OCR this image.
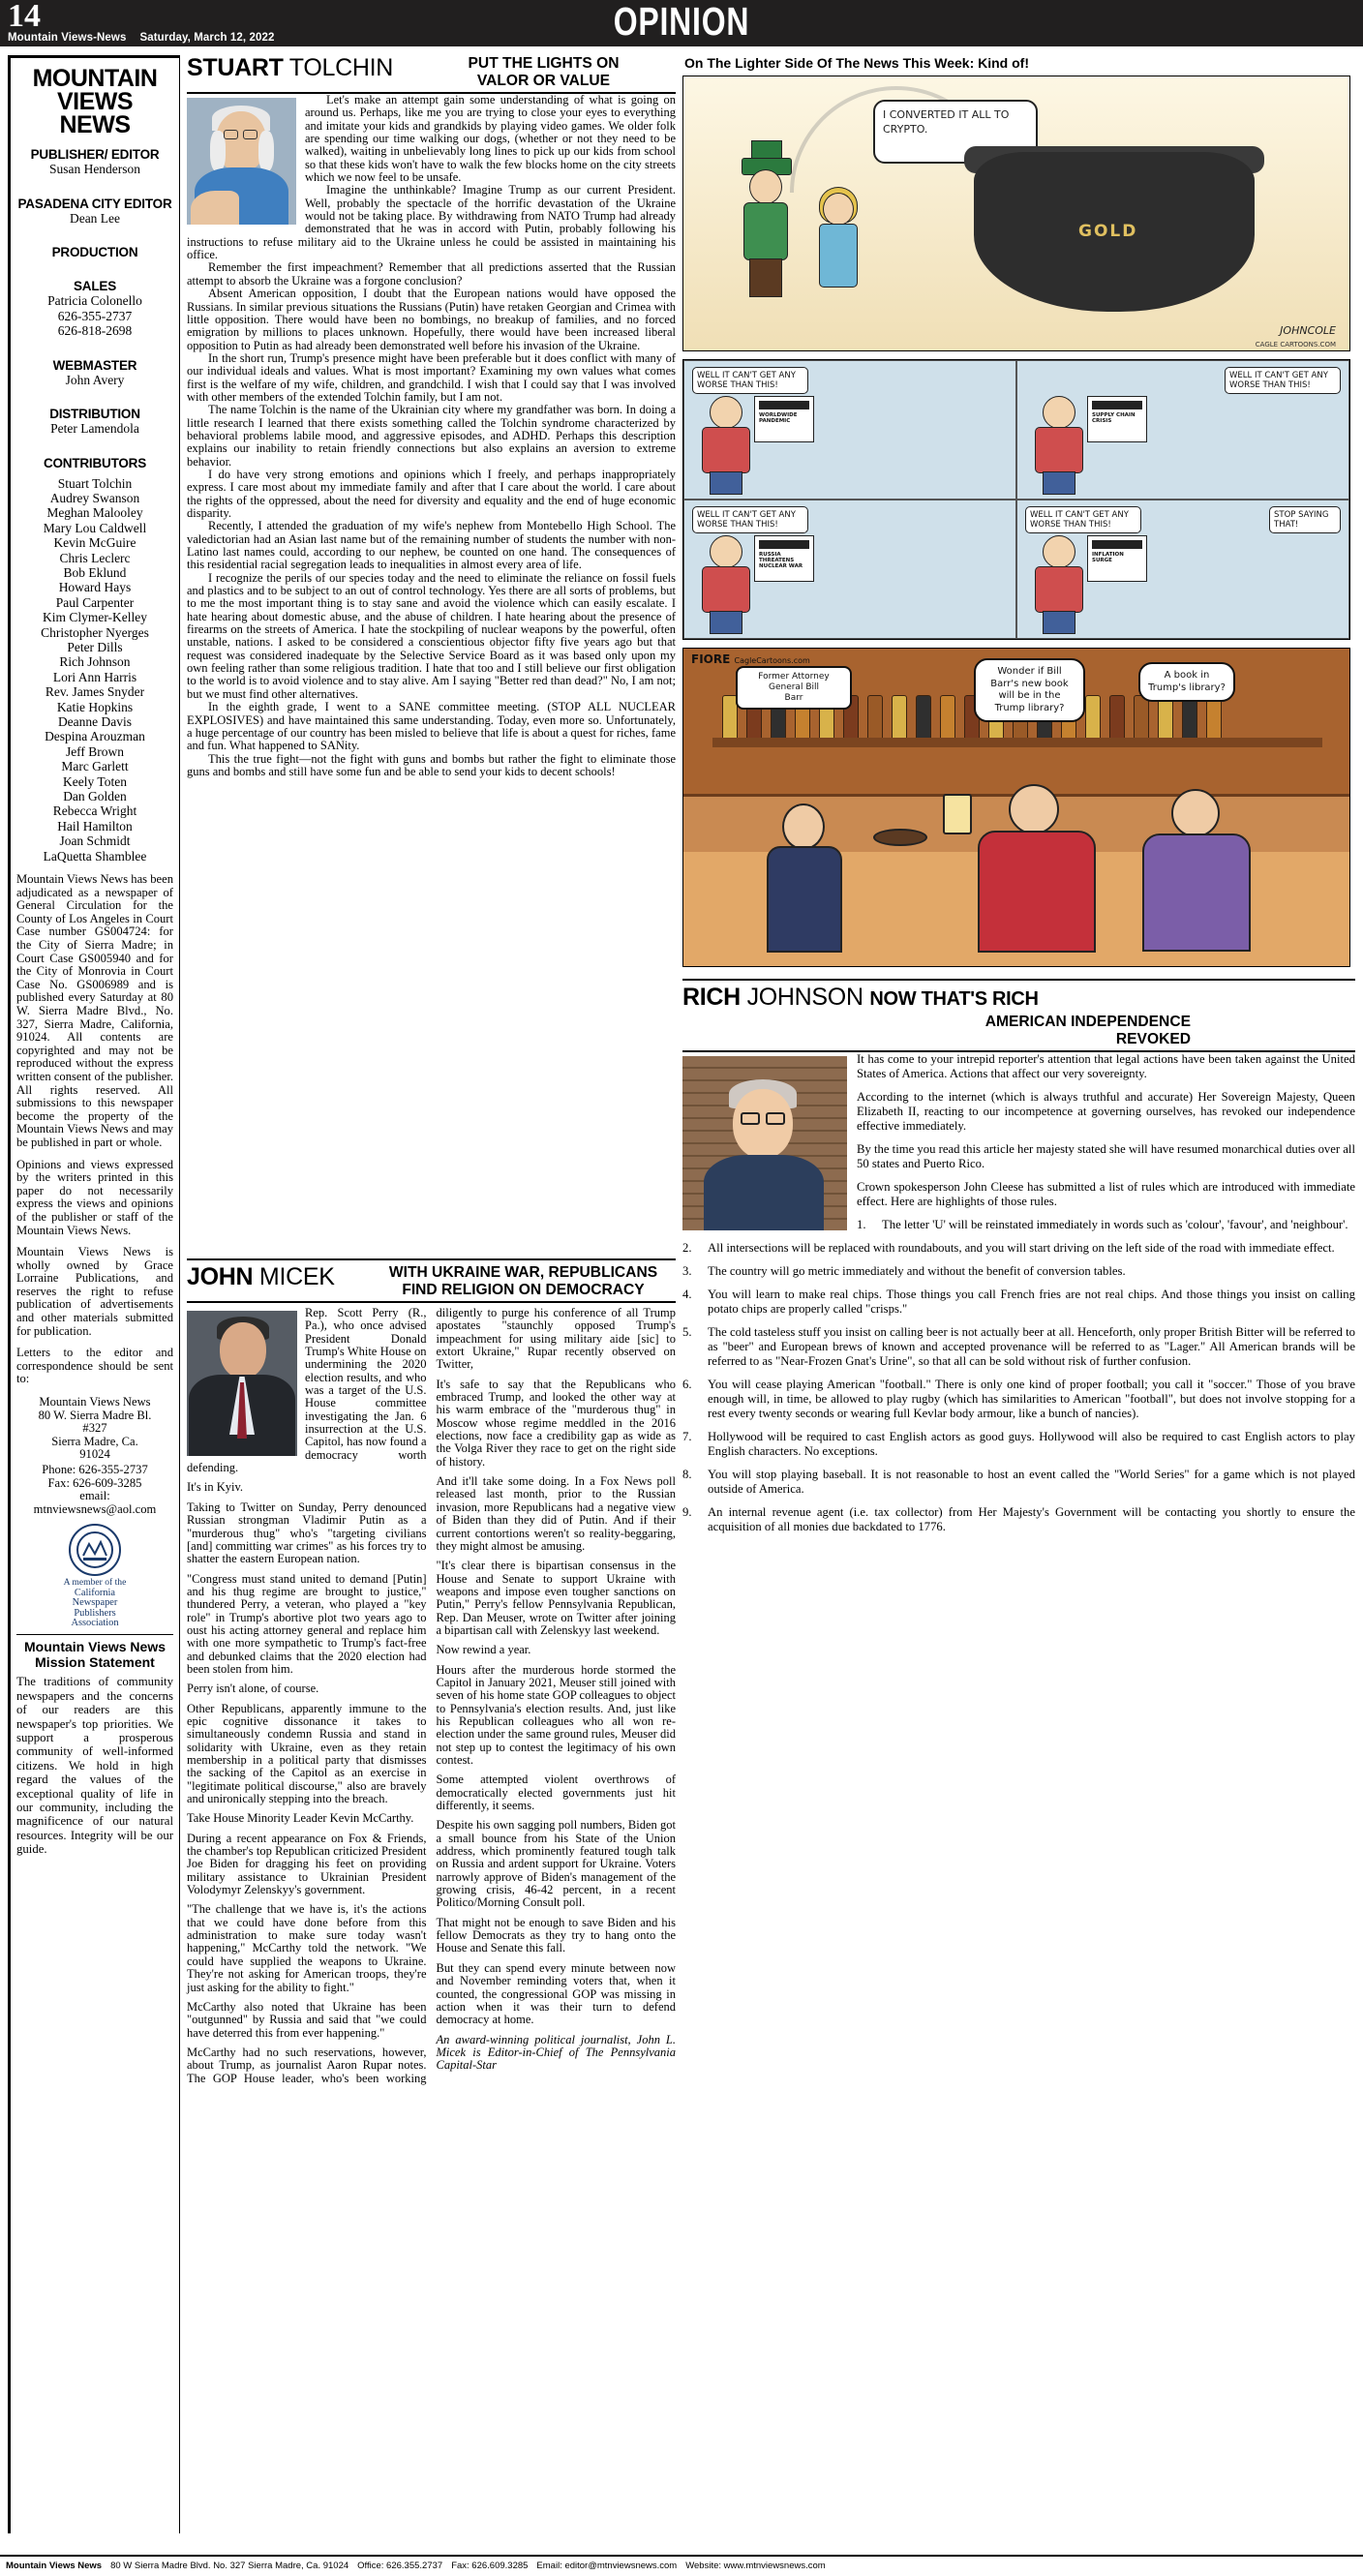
14
Mountain Views-News Saturday, March 12, 2022	OPINION
MOUNTAIN
VIEWS
NEWS
PUBLISHER/ EDITOR
Susan Henderson
PASADENA CITY EDITOR
Dean Lee
PRODUCTION
SALES
Patricia Colonello
626-355-2737
626-818-2698
WEBMASTER
John Avery
DISTRIBUTION
Peter Lamendola
CONTRIBUTORS
Stuart Tolchin
Audrey Swanson
Meghan Malooley
Mary Lou Caldwell
Kevin McGuire
Chris Leclerc
Bob Eklund
Howard Hays
Paul Carpenter
Kim Clymer-Kelley
Christopher Nyerges
Peter Dills
Rich Johnson
Lori Ann Harris
Rev. James Snyder
Katie Hopkins
Deanne Davis
Despina Arouzman
Jeff Brown
Marc Garlett
Keely Toten
Dan Golden
Rebecca Wright
Hail Hamilton
Joan Schmidt
LaQuetta Shamblee

Mountain Views News has been adjudicated as a newspaper of General Circulation for the County of Los Angeles in Court Case number GS004724: for the City of Sierra Madre; in Court Case GS005940 and for the City of Monrovia in Court Case No. GS006989 and is published every Saturday at 80 W. Sierra Madre Blvd., No. 327, Sierra Madre, California, 91024. All contents are copyrighted and may not be reproduced without the express written consent of the publisher. All rights reserved. All submissions to this newspaper become the property of the Mountain Views News and may be published in part or whole.

Opinions and views expressed by the writers printed in this paper do not necessarily express the views and opinions of the publisher or staff of the Mountain Views News.

Mountain Views News is wholly owned by Grace Lorraine Publications, and reserves the right to refuse publication of advertisements and other materials submitted for publication.

Letters to the editor and correspondence should be sent to:

Mountain Views News
80 W. Sierra Madre Bl.
#327
Sierra Madre, Ca.
91024
Phone: 626-355-2737
Fax: 626-609-3285
email:
mtnviewsnews@aol.com
A member of the
California
Newspaper
Publishers
Association
Mountain Views News
Mission Statement
The traditions of community newspapers and the concerns of our readers are this newspaper's top priorities. We support a prosperous community of well-informed citizens. We hold in high regard the values of the exceptional quality of life in our community, including the magnificence of our natural resources. Integrity will be our guide.
STUART TOLCHIN	PUT THE LIGHTS ON
VALOR OR VALUE

Let's make an attempt gain some understanding of what is going on around us. Perhaps, like me you are trying to close your eyes to everything and imitate your kids and grandkids by playing video games. We older folk are spending our time walking our dogs, (whether or not they need to be walked), waiting in unbelievably long lines to pick up our kids from school so that these kids won't have to walk the few blocks home on the city streets which we now feel to be unsafe.

Imagine the unthinkable? Imagine Trump as our current President. Well, probably the spectacle of the horrific devastation of the Ukraine would not be taking place. By withdrawing from NATO Trump had already demonstrated that he was in accord with Putin, probably following his instructions to refuse military aid to the Ukraine unless he could be assisted in maintaining his office.

Remember the first impeachment? Remember that all predictions asserted that the Russian attempt to absorb the Ukraine was a forgone conclusion?

Absent American opposition, I doubt that the European nations would have opposed the Russians. In similar previous situations the Russians (Putin) have retaken Georgian and Crimea with little opposition. There would have been no bombings, no breakup of families, and no forced emigration by millions to places unknown. Hopefully, there would have been increased liberal opposition to Putin as had already been demonstrated well before his invasion of the Ukraine.

In the short run, Trump's presence might have been preferable but it does conflict with many of our individual ideals and values. What is most important? Examining my own values what comes first is the welfare of my wife, children, and grandchild. I wish that I could say that I was involved with other members of the extended Tolchin family, but I am not.

The name Tolchin is the name of the Ukrainian city where my grandfather was born. In doing a little research I learned that there exists something called the Tolchin syndrome characterized by behavioral problems labile mood, and aggressive episodes, and ADHD. Perhaps this description explains our inability to retain friendly connections but also explains an aversion to extreme behavior.

I do have very strong emotions and opinions which I freely, and perhaps inappropriately express. I care most about my immediate family and after that I care about the world. I care about the rights of the oppressed, about the need for diversity and equality and the end of huge economic disparity.

Recently, I attended the graduation of my wife's nephew from Montebello High School. The valedictorian had an Asian last name but of the remaining number of students the number with non-Latino last names could, according to our nephew, be counted on one hand. The consequences of this residential racial segregation leads to inequalities in almost every area of life.

I recognize the perils of our species today and the need to eliminate the reliance on fossil fuels and plastics and to be subject to an out of control technology. Yes there are all sorts of problems, but to me the most important thing is to stay sane and avoid the violence which can easily escalate. I hate hearing about domestic abuse, and the abuse of children. I hate hearing about the presence of firearms on the streets of America. I hate the stockpiling of nuclear weapons by the powerful, often unstable, nations. I asked to be considered a conscientious objector fifty five years ago but that request was considered inadequate by the Selective Service Board as it was based only upon my own feeling rather than some religious tradition. I hate that too and I still believe our first obligation to the world is to avoid violence and to stay alive. Am I saying "Better red than dead?" No, I am not; but we must find other alternatives.

In the eighth grade, I went to a SANE committee meeting. (STOP ALL NUCLEAR EXPLOSIVES) and have maintained this same understanding. Today, even more so. Unfortunately, a huge percentage of our country has been misled to believe that life is about a quest for riches, fame and fun. What happened to SANity.

This the true fight—not the fight with guns and bombs but rather the fight to eliminate those guns and bombs and still have some fun and be able to send your kids to decent schools!

JOHN MICEK	WITH UKRAINE WAR, REPUBLICANS
FIND RELIGION ON DEMOCRACY

Rep. Scott Perry (R., Pa.), who once advised President Donald Trump's White House on undermining the 2020 election results, and who was a target of the U.S. House committee investigating the Jan. 6 insurrection at the U.S. Capitol, has now found a democracy worth defending.

It's in Kyiv.

Taking to Twitter on Sunday, Perry denounced Russian strongman Vladimir Putin as a "murderous thug" who's "targeting civilians [and] committing war crimes" as his forces try to shatter the eastern European nation.

"Congress must stand united to demand [Putin] and his thug regime are brought to justice," thundered Perry, a veteran, who played a "key role" in Trump's abortive plot two years ago to oust his acting attorney general and replace him with one more sympathetic to Trump's fact-free and debunked claims that the 2020 election had been stolen from him.

Perry isn't alone, of course.

Other Republicans, apparently immune to the epic cognitive dissonance it takes to simultaneously condemn Russia and stand in solidarity with Ukraine, even as they retain membership in a political party that dismisses the sacking of the Capitol as an exercise in "legitimate political discourse," also are bravely and unironically stepping into the breach.

Take House Minority Leader Kevin McCarthy.

During a recent appearance on Fox & Friends, the chamber's top Republican criticized President Joe Biden for dragging his feet on providing military assistance to Ukrainian President Volodymyr Zelenskyy's government.

"The challenge that we have is, it's the actions that we could have done before from this administration to make sure today wasn't happening," McCarthy told the network. "We could have supplied the weapons to Ukraine. They're not asking for American troops, they're just asking for the ability to fight."

McCarthy also noted that Ukraine has been "outgunned" by Russia and said that "we could have deterred this from ever happening."

McCarthy had no such reservations, however, about Trump, as journalist Aaron Rupar notes. The GOP House leader, who's been working diligently to purge his conference of all Trump apostates "staunchly opposed Trump's impeachment for using military aide [sic] to extort Ukraine," Rupar recently observed on Twitter,

It's safe to say that the Republicans who embraced Trump, and looked the other way at his warm embrace of the "murderous thug" in Moscow whose regime meddled in the 2016 elections, now face a credibility gap as wide as the Volga River they race to get on the right side of history.

And it'll take some doing. In a Fox News poll released last month, prior to the Russian invasion, more Republicans had a negative view of Biden than they did of Putin. And if their current contortions weren't so reality-beggaring, they might almost be amusing.

"It's clear there is bipartisan consensus in the House and Senate to support Ukraine with weapons and impose even tougher sanctions on Putin," Perry's fellow Pennsylvania Republican, Rep. Dan Meuser, wrote on Twitter after joining a bipartisan call with Zelenskyy last weekend.

Now rewind a year.

Hours after the murderous horde stormed the Capitol in January 2021, Meuser still joined with seven of his home state GOP colleagues to object to Pennsylvania's election results. And, just like his Republican colleagues who all won re-election under the same ground rules, Meuser did not step up to contest the legitimacy of his own contest.

Some attempted violent overthrows of democratically elected governments just hit differently, it seems.

Despite his own sagging poll numbers, Biden got a small bounce from his State of the Union address, which prominently featured tough talk on Russia and ardent support for Ukraine. Voters narrowly approve of Biden's management of the growing crisis, 46-42 percent, in a recent Politico/Morning Consult poll.

That might not be enough to save Biden and his fellow Democrats as they try to hang onto the House and Senate this fall.

But they can spend every minute between now and November reminding voters that, when it counted, the congressional GOP was missing in action when it was their turn to defend democracy at home.

An award-winning political journalist, John L. Micek is Editor-in-Chief of The Pennsylvania Capital-Star

On The Lighter Side Of The News This Week: Kind of!
I CONVERTED IT ALL TO CRYPTO.
GOLD
JOHNCOLE
CAGLE CARTOONS.COM
WELL IT CAN'T GET ANY WORSE THAN THIS!
WORLDWIDE PANDEMIC
WELL IT CAN'T GET ANY WORSE THAN THIS!
SUPPLY CHAIN CRISIS
WELL IT CAN'T GET ANY WORSE THAN THIS!
RUSSIA THREATENS NUCLEAR WAR
WELL IT CAN'T GET ANY WORSE THAN THIS!
STOP SAYING THAT!
INFLATION SURGE
FIORE CagleCartoons.com
Former Attorney
General Bill
Barr
Wonder if Bill Barr's new book will be in the Trump library?
A book in Trump's library?
RICH JOHNSON NOW THAT'S RICH
AMERICAN INDEPENDENCE
REVOKED

It has come to your intrepid reporter's attention that legal actions have been taken against the United States of America. Actions that affect our very sovereignty.

According to the internet (which is always truthful and accurate) Her Sovereign Majesty, Queen Elizabeth II, reacting to our incompetence at governing ourselves, has revoked our independence effective immediately.

By the time you read this article her majesty stated she will have resumed monarchical duties over all 50 states and Puerto Rico.

Crown spokesperson John Cleese has submitted a list of rules which are introduced with immediate effect. Here are highlights of those rules.

1.	The letter 'U' will be reinstated immediately in words such as 'colour', 'favour', and 'neighbour'.
2.	All intersections will be replaced with roundabouts, and you will start driving on the left side of the road with immediate effect.
3.	The country will go metric immediately and without the benefit of conversion tables.
4.	You will learn to make real chips. Those things you call French fries are not real chips. And those things you insist on calling potato chips are properly called "crisps."
5.	The cold tasteless stuff you insist on calling beer is not actually beer at all. Henceforth, only proper British Bitter will be referred to as "beer" and European brews of known and accepted provenance will be referred to as "Lager." All American brands will be referred to as "Near-Frozen Gnat's Urine", so that all can be sold without risk of further confusion.
6.	You will cease playing American "football." There is only one kind of proper football; you call it "soccer." Those of you brave enough will, in time, be allowed to play rugby (which has similarities to American "football", but does not involve stopping for a rest every twenty seconds or wearing full Kevlar body armour, like a bunch of nancies).
7.	Hollywood will be required to cast English actors as good guys. Hollywood will also be required to cast English actors to play English characters. No exceptions.
8.	You will stop playing baseball. It is not reasonable to host an event called the "World Series" for a game which is not played outside of America.
9.	An internal revenue agent (i.e. tax collector) from Her Majesty's Government will be contacting you shortly to ensure the acquisition of all monies due backdated to 1776.
Mountain Views News 80 W Sierra Madre Blvd. No. 327 Sierra Madre, Ca. 91024 Office: 626.355.2737 Fax: 626.609.3285 Email: editor@mtnviewsnews.com Website: www.mtnviewsnews.com
